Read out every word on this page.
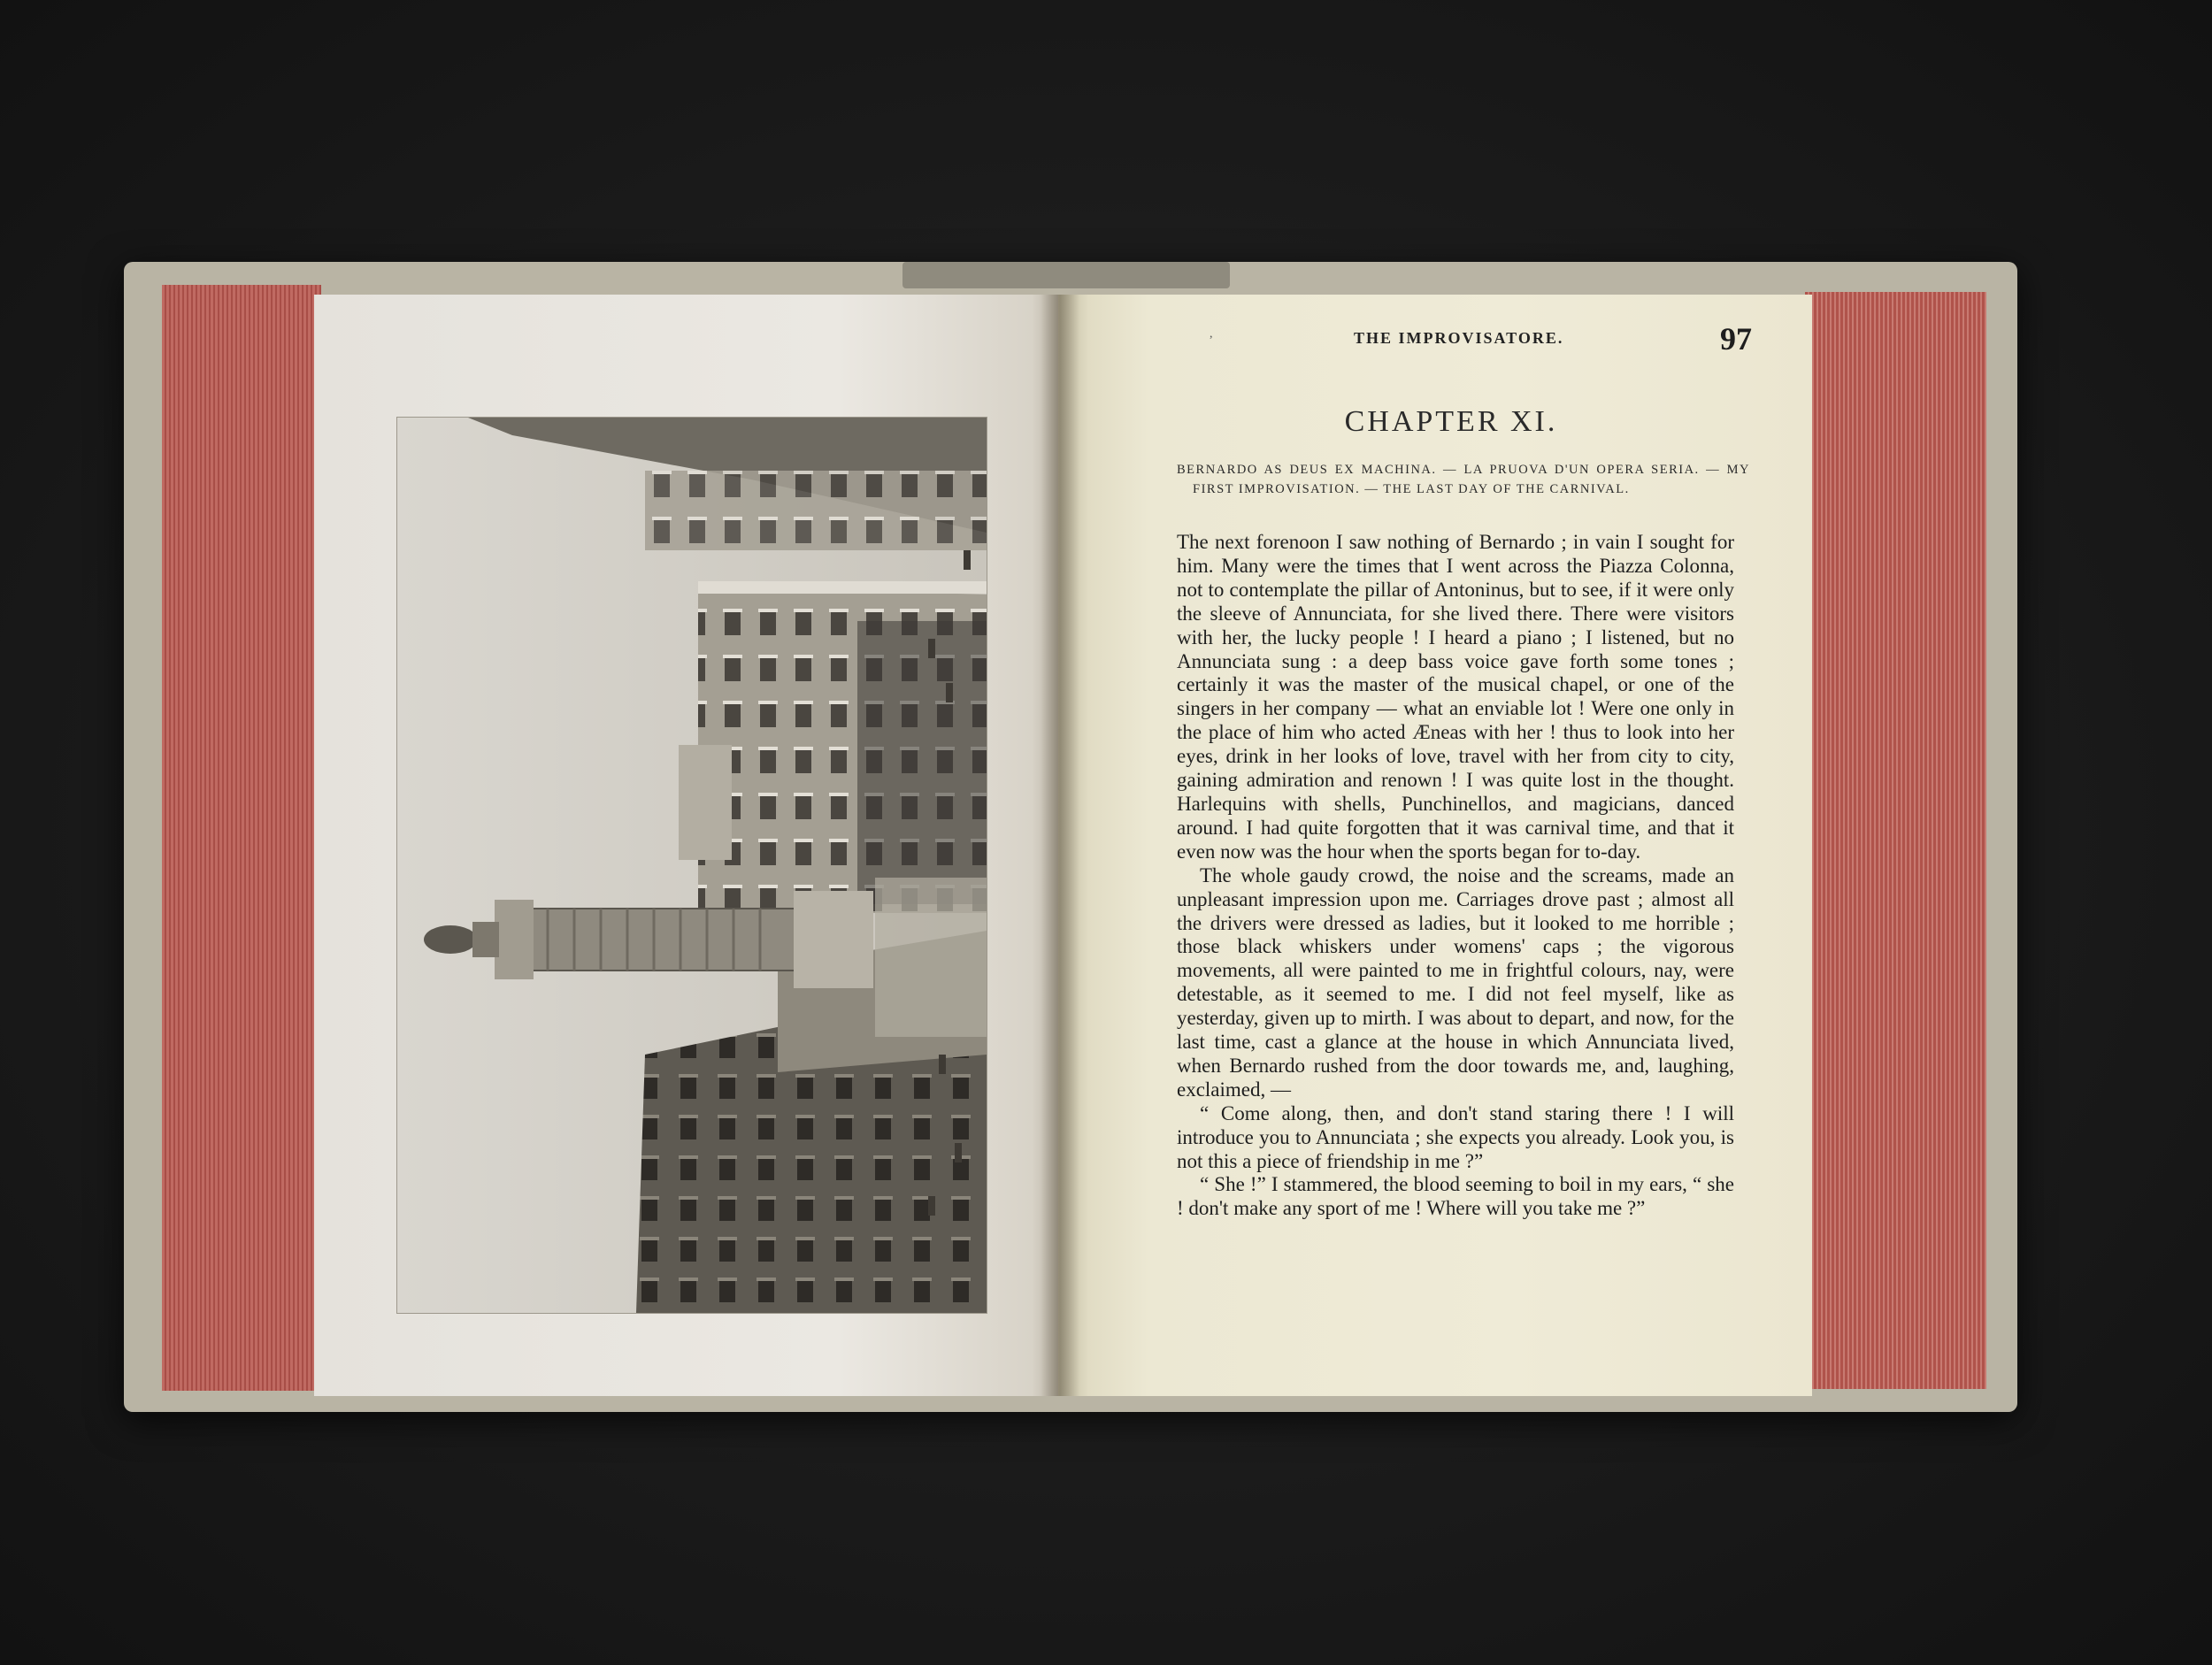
,	THE IMPROVISATORE.	97
CHAPTER XI.
BERNARDO AS DEUS EX MACHINA. — LA PRUOVA D'UN OPERA SERIA. — MY FIRST IMPROVISATION. — THE LAST DAY OF THE CARNIVAL.

The next forenoon I saw nothing of Bernardo ; in vain I sought for him. Many were the times that I went across the Piazza Colonna, not to contemplate the pillar of Antoninus, but to see, if it were only the sleeve of Annunciata, for she lived there. There were visitors with her, the lucky people ! I heard a piano ; I listened, but no Annunciata sung : a deep bass voice gave forth some tones ; certainly it was the master of the musical chapel, or one of the singers in her company — what an enviable lot ! Were one only in the place of him who acted Æneas with her ! thus to look into her eyes, drink in her looks of love, travel with her from city to city, gaining admiration and renown ! I was quite lost in the thought. Harlequins with shells, Punchinellos, and magicians, danced around. I had quite forgotten that it was carnival time, and that it even now was the hour when the sports began for to-day.

The whole gaudy crowd, the noise and the screams, made an unpleasant impression upon me. Carriages drove past ; almost all the drivers were dressed as ladies, but it looked to me horrible ; those black whiskers under womens' caps ; the vigorous movements, all were painted to me in frightful colours, nay, were detestable, as it seemed to me. I did not feel myself, like as yesterday, given up to mirth. I was about to depart, and now, for the last time, cast a glance at the house in which Annunciata lived, when Bernardo rushed from the door towards me, and, laughing, exclaimed, —

“ Come along, then, and don't stand staring there ! I will introduce you to Annunciata ; she expects you already. Look you, is not this a piece of friendship in me ?”

“ She !” I stammered, the blood seeming to boil in my ears, “ she ! don't make any sport of me ! Where will you take me ?”
